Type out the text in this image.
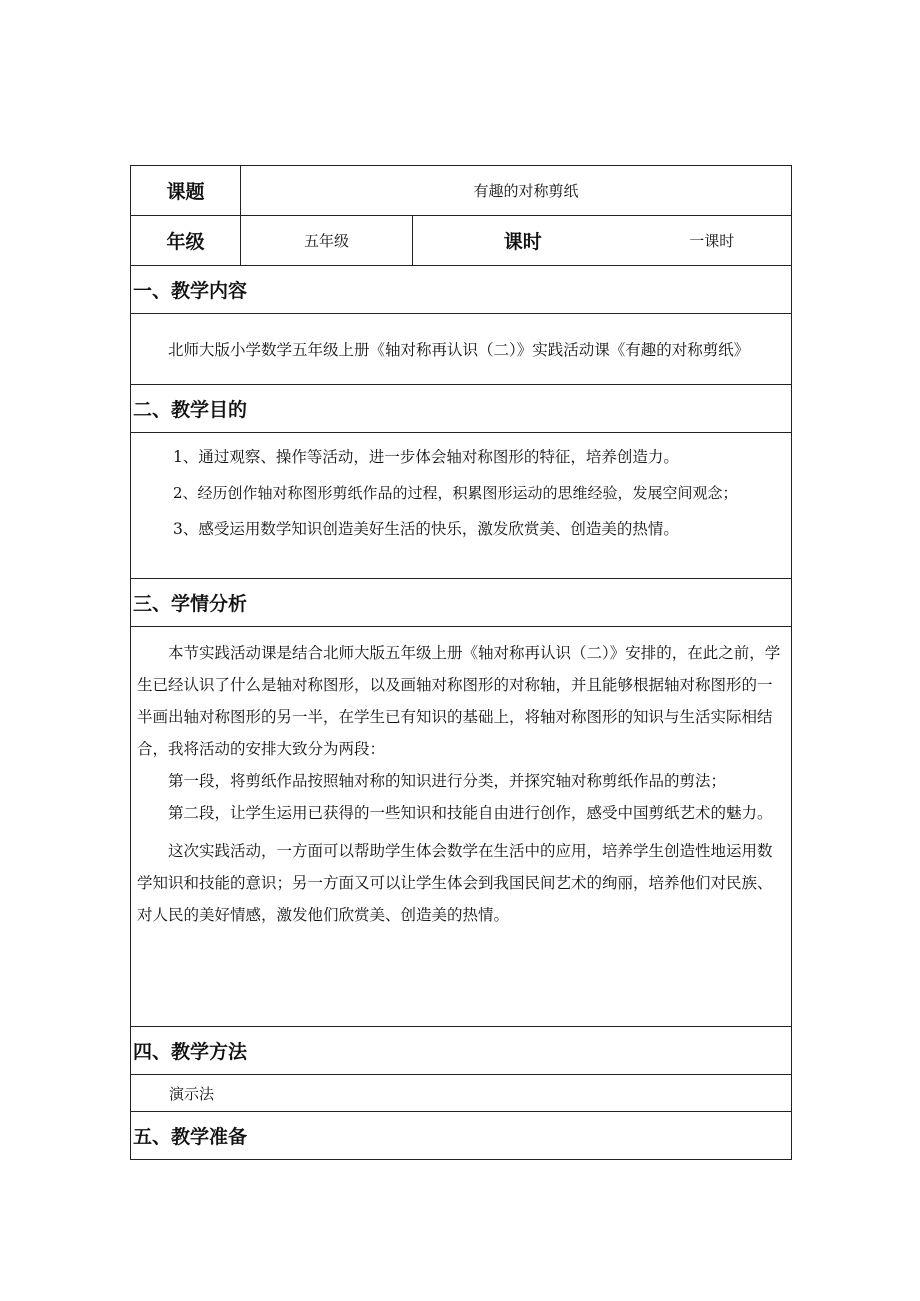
课题	有趣的对称剪纸		
年级	五年级	课时	一课时
一、教学内容			

北师大版小学数学五年级上册《轴对称再认识（二）》实践活动课《有趣的对称剪纸》			

二、教学目的			

1、通过观察、操作等活动，进一步体会轴对称图形的特征，培养创造力。

2、经历创作轴对称图形剪纸作品的过程，积累图形运动的思维经验，发展空间观念；

3、感受运用数学知识创造美好生活的快乐，激发欣赏美、创造美的热情。			

三、学情分析			

本节实践活动课是结合北师大版五年级上册《轴对称再认识（二）》安排的，在此之前，学生已经认识了什么是轴对称图形，以及画轴对称图形的对称轴，并且能够根据轴对称图形的一半画出轴对称图形的另一半，在学生已有知识的基础上，将轴对称图形的知识与生活实际相结合，我将活动的安排大致分为两段：

第一段，将剪纸作品按照轴对称的知识进行分类，并探究轴对称剪纸作品的剪法；

第二段，让学生运用已获得的一些知识和技能自由进行创作，感受中国剪纸艺术的魅力。

这次实践活动，一方面可以帮助学生体会数学在生活中的应用，培养学生创造性地运用数学知识和技能的意识；另一方面又可以让学生体会到我国民间艺术的绚丽，培养他们对民族、对人民的美好情感，激发他们欣赏美、创造美的热情。			

四、教学方法			
演示法			
五、教学准备			
